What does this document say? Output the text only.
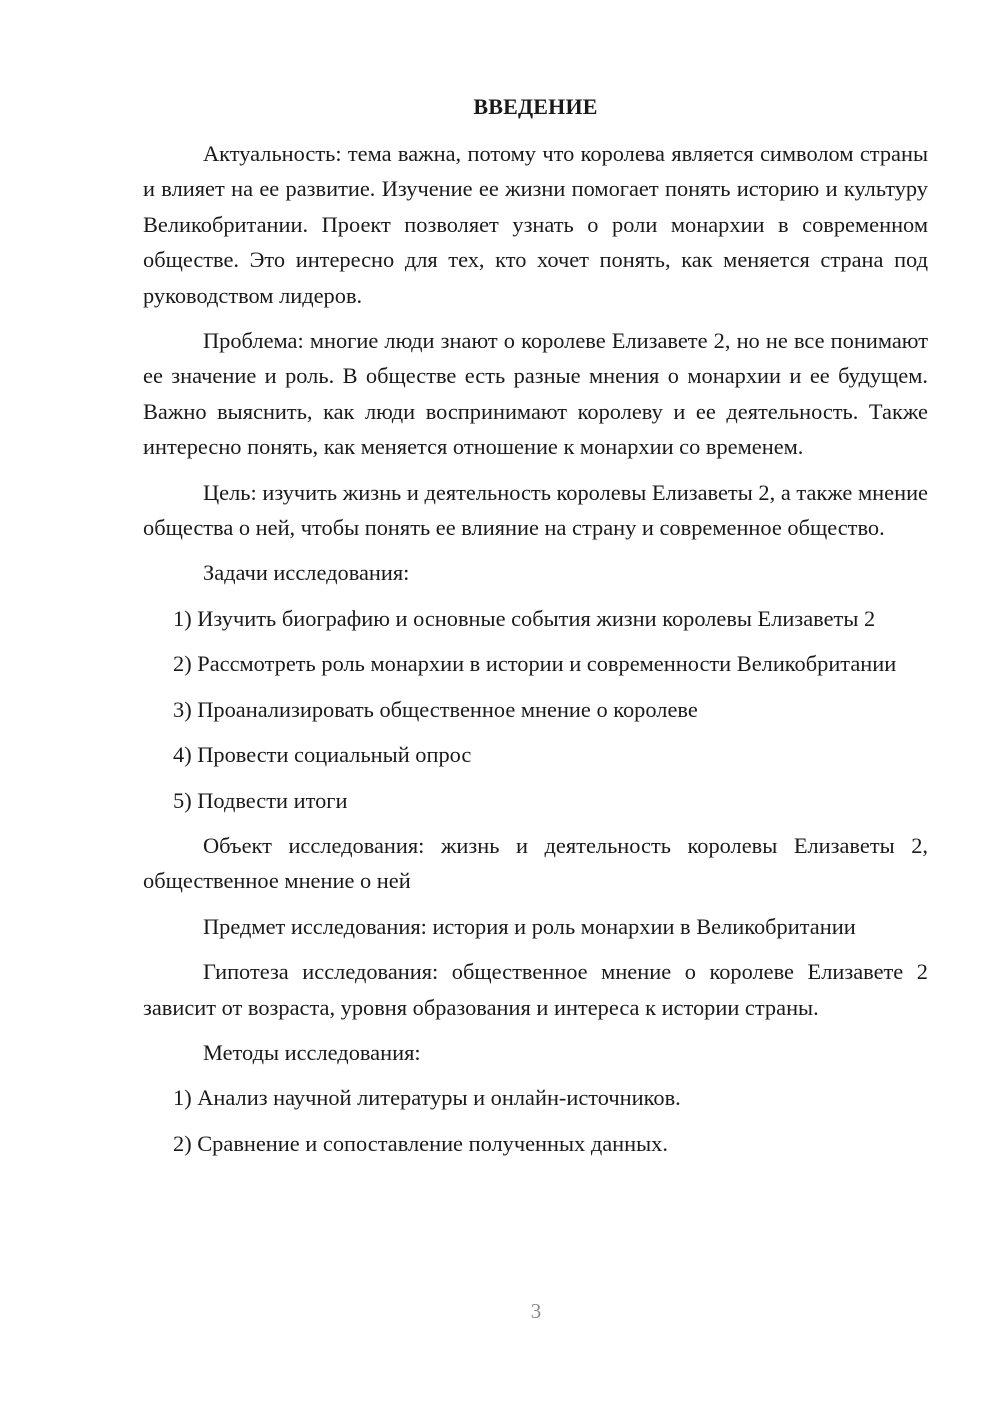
ВВЕДЕНИЕ

Актуальность: тема важна, потому что королева является символом страны и влияет на ее развитие. Изучение ее жизни помогает понять историю и культуру Великобритании. Проект позволяет узнать о роли монархии в современном обществе. Это интересно для тех, кто хочет понять, как меняется страна под руководством лидеров.

Проблема: многие люди знают о королеве Елизавете 2, но не все понимают ее значение и роль. В обществе есть разные мнения о монархии и ее будущем. Важно выяснить, как люди воспринимают королеву и ее деятельность. Также интересно понять, как меняется отношение к монархии со временем.

Цель: изучить жизнь и деятельность королевы Елизаветы 2, а также мнение общества о ней, чтобы понять ее влияние на страну и современное общество.

Задачи исследования:

1) Изучить биографию и основные события жизни королевы Елизаветы 2

2) Рассмотреть роль монархии в истории и современности Великобритании

3) Проанализировать общественное мнение о королеве

4) Провести социальный опрос

5) Подвести итоги

Объект исследования: жизнь и деятельность королевы Елизаветы 2, общественное мнение о ней

Предмет исследования: история и роль монархии в Великобритании

Гипотеза исследования: общественное мнение о королеве Елизавете 2 зависит от возраста, уровня образования и интереса к истории страны.

Методы исследования:

1) Анализ научной литературы и онлайн-источников.

2) Сравнение и сопоставление полученных данных.

3
